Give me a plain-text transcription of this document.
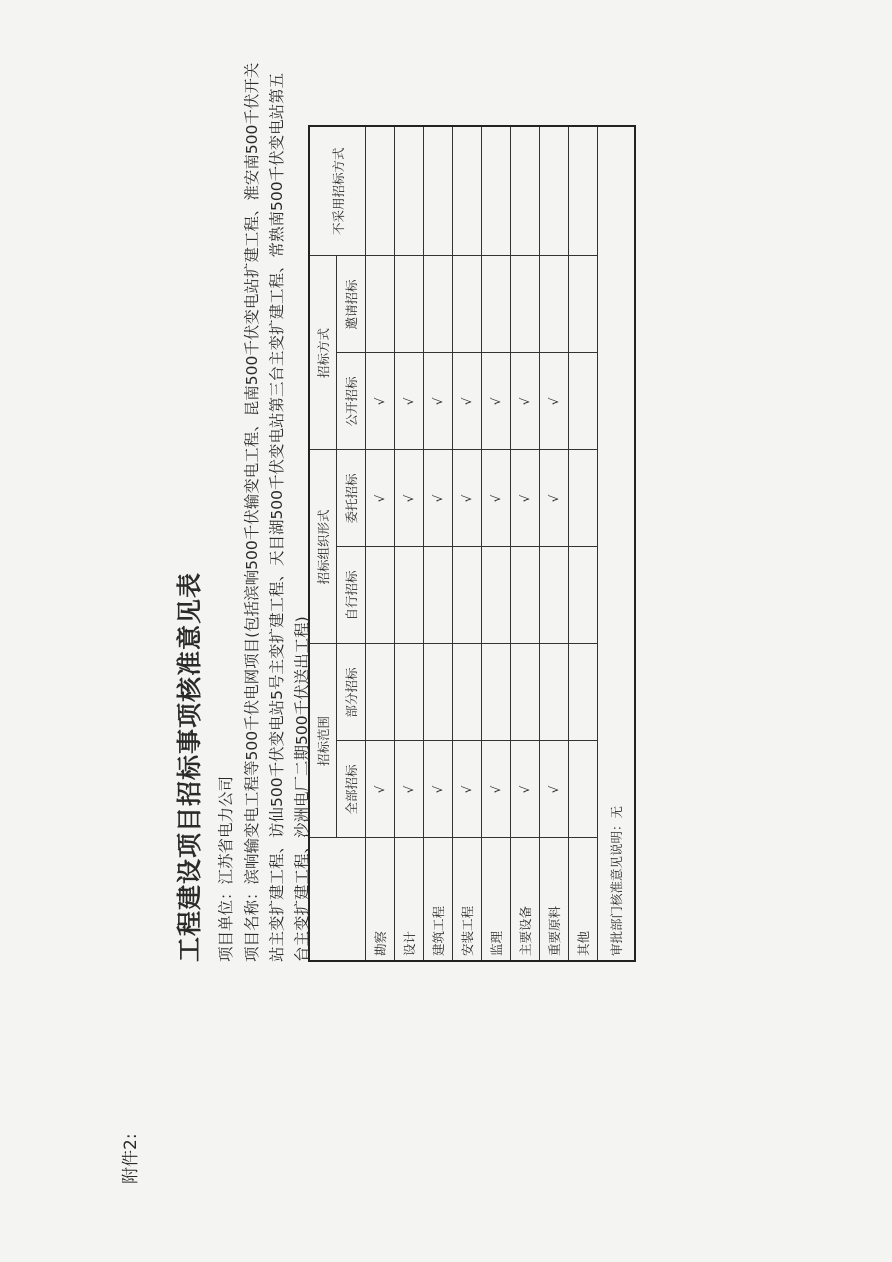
附件2:
工程建设项目招标事项核准意见表 项目单位：江苏省电力公司
项目名称：滨响输变电工程等500千伏电网项目(包括滨响500千伏输变电工程、昆南500千伏变电站扩建工程、淮安南500千伏开关 站主变扩建工程、访仙500千伏变电站5号主变扩建工程、天目湖500千伏变电站第三台主变扩建工程、常熟南500千伏变电站第五 台主变扩建工程、沙洲电厂二期500千伏送出工程)
	招标范围		招标组织形式		招标方式		不采用招标方式
	全部招标	部分招标	自行招标	委托招标	公开招标	邀请招标	
勘察	√			√	√		
设计	√			√	√		
建筑工程	√			√	√		
安装工程	√			√	√		
监理	√			√	√		
主要设备	√			√	√		
重要原料	√			√	√		
其他							
审批部门核准意见说明：无							
